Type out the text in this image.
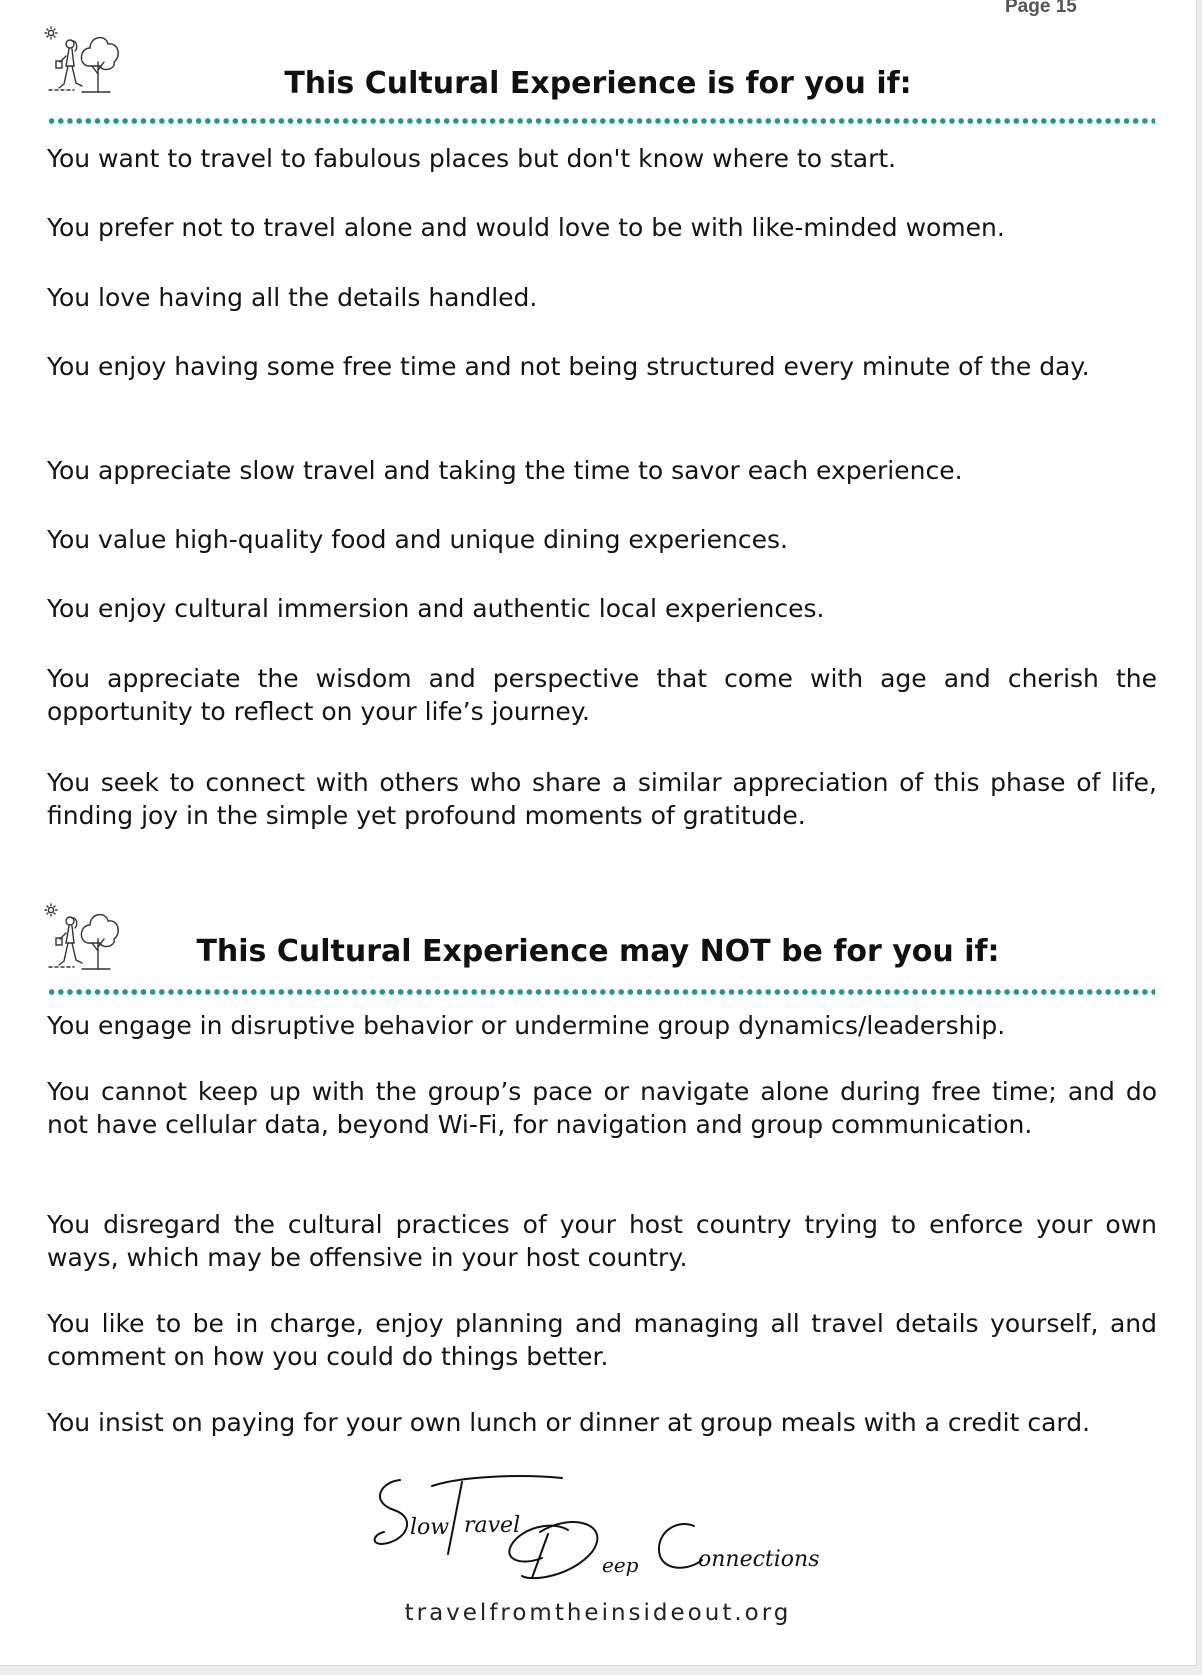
Page 15
This Cultural Experience is for you if:

You want to travel to fabulous places but don't know where to start.

You prefer not to travel alone and would love to be with like-minded women.

You love having all the details handled.

You enjoy having some free time and not being structured every minute of the day.

You appreciate slow travel and taking the time to savor each experience.

You value high-quality food and unique dining experiences.

You enjoy cultural immersion and authentic local experiences.

You appreciate the wisdom and perspective that come with age and cherish the opportunity to reflect on your life’s journey.

You seek to connect with others who share a similar appreciation of this phase of life, finding joy in the simple yet profound moments of gratitude.

This Cultural Experience may NOT be for you if:

You engage in disruptive behavior or undermine group dynamics/leadership.

You cannot keep up with the group’s pace or navigate alone during free time; and do not have cellular data, beyond Wi-Fi, for navigation and group communication.

You disregard the cultural practices of your host country trying to enforce your own ways, which may be offensive in your host country.

You like to be in charge, enjoy planning and managing all travel details yourself, and comment on how you could do things better.

You insist on paying for your own lunch or dinner at group meals with a credit card.

low ravel
eep	onnections
travelfromtheinsideout.org
